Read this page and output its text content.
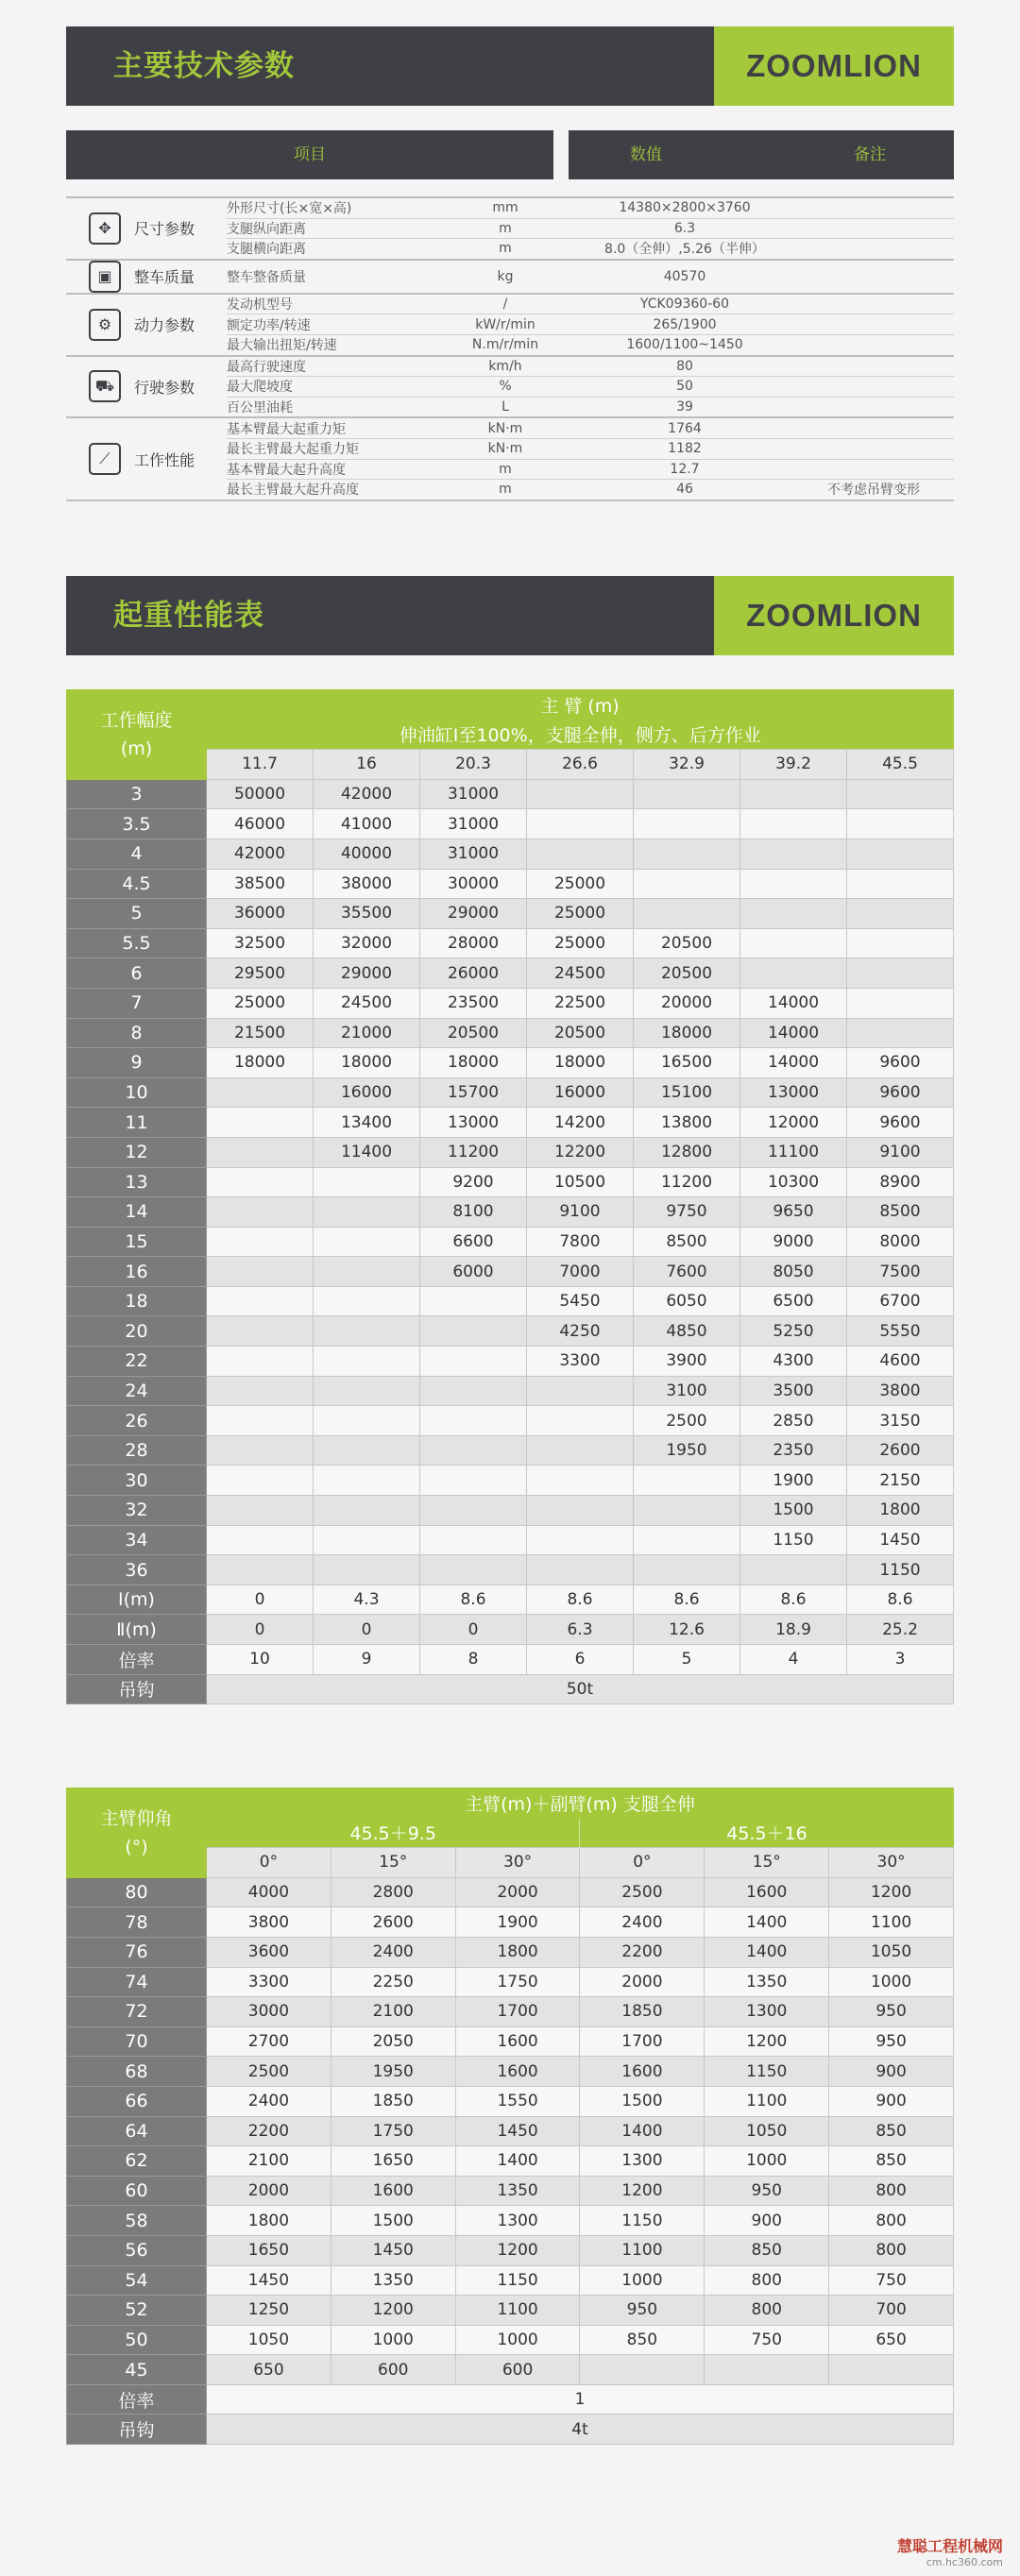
主要技术参数	ZOOMLION
项目	数值	备注
✥ 尺寸参数	外形尺寸(长×宽×高)	mm	14380×2800×3760	
	支腿纵向距离	m	6.3	
	支腿横向距离	m	8.0（全伸）,5.26（半伸）	
▣ 整车质量	整车整备质量	kg	40570	
⚙ 动力参数	发动机型号	/	YCK09360-60	
	额定功率/转速	kW/r/min	265/1900	
	最大输出扭矩/转速	N.m/r/min	1600/1100~1450	
⛟ 行驶参数	最高行驶速度	km/h	80	
	最大爬坡度	%	50	
	百公里油耗	L	39	
⟋ 工作性能	基本臂最大起重力矩	kN·m	1764	
	最长主臂最大起重力矩	kN·m	1182	
	基本臂最大起升高度	m	12.7	
	最长主臂最大起升高度	m	46	不考虑吊臂变形
起重性能表	ZOOMLION
工作幅度
(m)	主 臂 (m)						
	伸油缸Ⅰ至100%，支腿全伸，侧方、后方作业						
	11.7	16	20.3	26.6	32.9	39.2	45.5
3	50000	42000	31000				
3.5	46000	41000	31000				
4	42000	40000	31000				
4.5	38500	38000	30000	25000			
5	36000	35500	29000	25000			
5.5	32500	32000	28000	25000	20500		
6	29500	29000	26000	24500	20500		
7	25000	24500	23500	22500	20000	14000	
8	21500	21000	20500	20500	18000	14000	
9	18000	18000	18000	18000	16500	14000	9600
10		16000	15700	16000	15100	13000	9600
11		13400	13000	14200	13800	12000	9600
12		11400	11200	12200	12800	11100	9100
13			9200	10500	11200	10300	8900
14			8100	9100	9750	9650	8500
15			6600	7800	8500	9000	8000
16			6000	7000	7600	8050	7500
18				5450	6050	6500	6700
20				4250	4850	5250	5550
22				3300	3900	4300	4600
24					3100	3500	3800
26					2500	2850	3150
28					1950	2350	2600
30						1900	2150
32						1500	1800
34						1150	1450
36							1150
Ⅰ(m)	0	4.3	8.6	8.6	8.6	8.6	8.6
Ⅱ(m)	0	0	0	6.3	12.6	18.9	25.2
倍率	10	9	8	6	5	4	3
吊钩	50t						
主臂仰角
(°)	主臂(m)＋副臂(m) 支腿全伸					
	45.5＋9.5			45.5＋16		
	0°	15°	30°	0°	15°	30°
80	4000	2800	2000	2500	1600	1200
78	3800	2600	1900	2400	1400	1100
76	3600	2400	1800	2200	1400	1050
74	3300	2250	1750	2000	1350	1000
72	3000	2100	1700	1850	1300	950
70	2700	2050	1600	1700	1200	950
68	2500	1950	1600	1600	1150	900
66	2400	1850	1550	1500	1100	900
64	2200	1750	1450	1400	1050	850
62	2100	1650	1400	1300	1000	850
60	2000	1600	1350	1200	950	800
58	1800	1500	1300	1150	900	800
56	1650	1450	1200	1100	850	800
54	1450	1350	1150	1000	800	750
52	1250	1200	1100	950	800	700
50	1050	1000	1000	850	750	650
45	650	600	600			
倍率	1					
吊钩	4t					
慧聪工程机械网
cm.hc360.com
